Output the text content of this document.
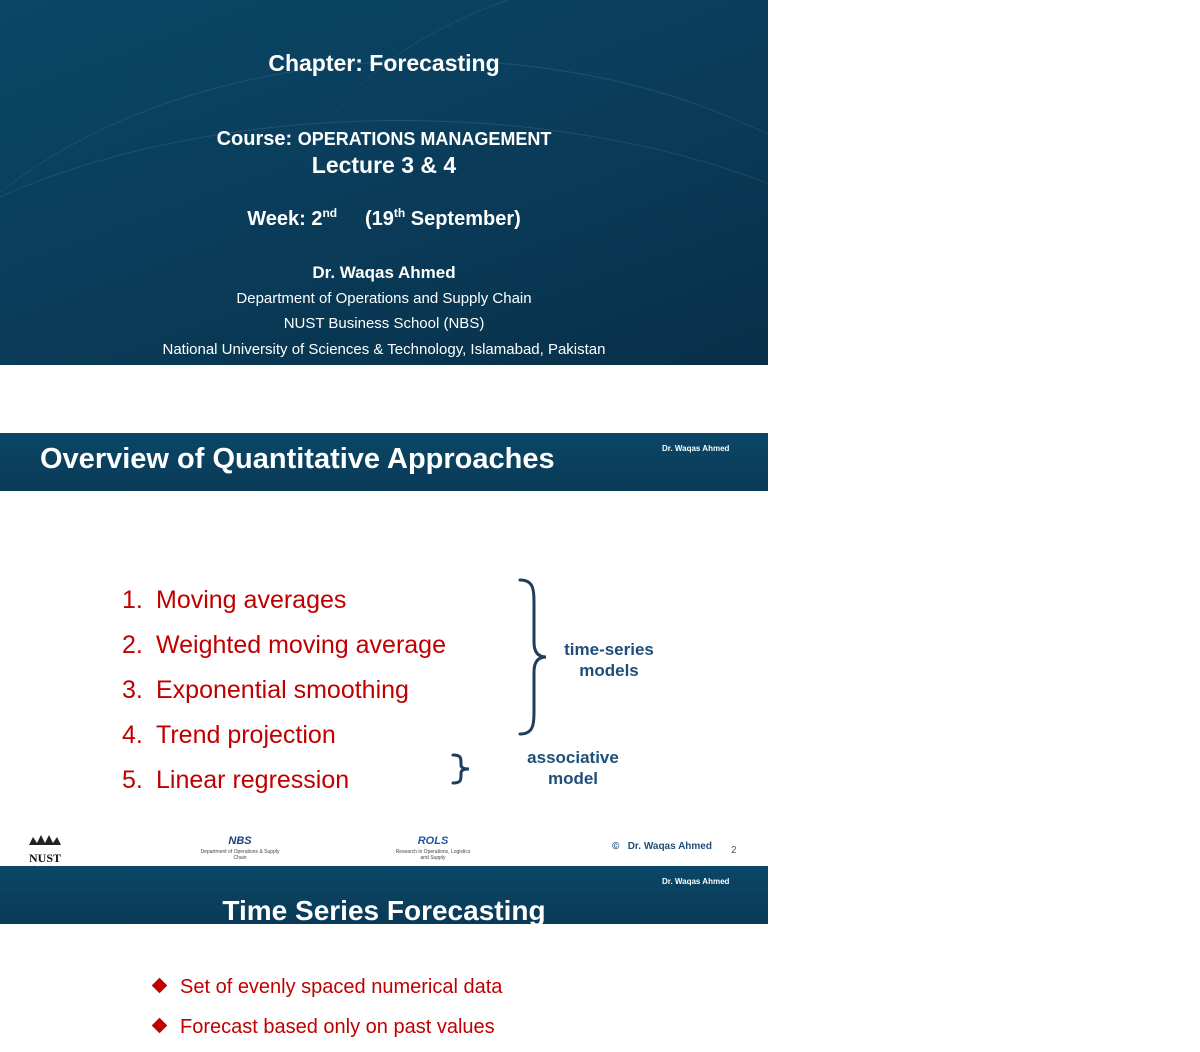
Chapter: Forecasting
Course: OPERATIONS MANAGEMENT
Lecture 3 & 4
Week: 2nd (19th September)
Dr. Waqas Ahmed
Department of Operations and Supply Chain
NUST Business School (NBS)
National University of Sciences & Technology, Islamabad, Pakistan
Overview of Quantitative Approaches	Dr. Waqas Ahmed
1. Moving averages
2. Weighted moving average
3. Exponential smoothing
4. Trend projection
5. Linear regression
time-series
models
associative
model
NUST
NBS
Department of Operations & Supply Chain
ROLS
Research in Operations, Logistics and Supply
©   Dr. Waqas Ahmed 2
Dr. Waqas Ahmed
Time Series Forecasting
Set of evenly spaced numerical data
Forecast based only on past values
